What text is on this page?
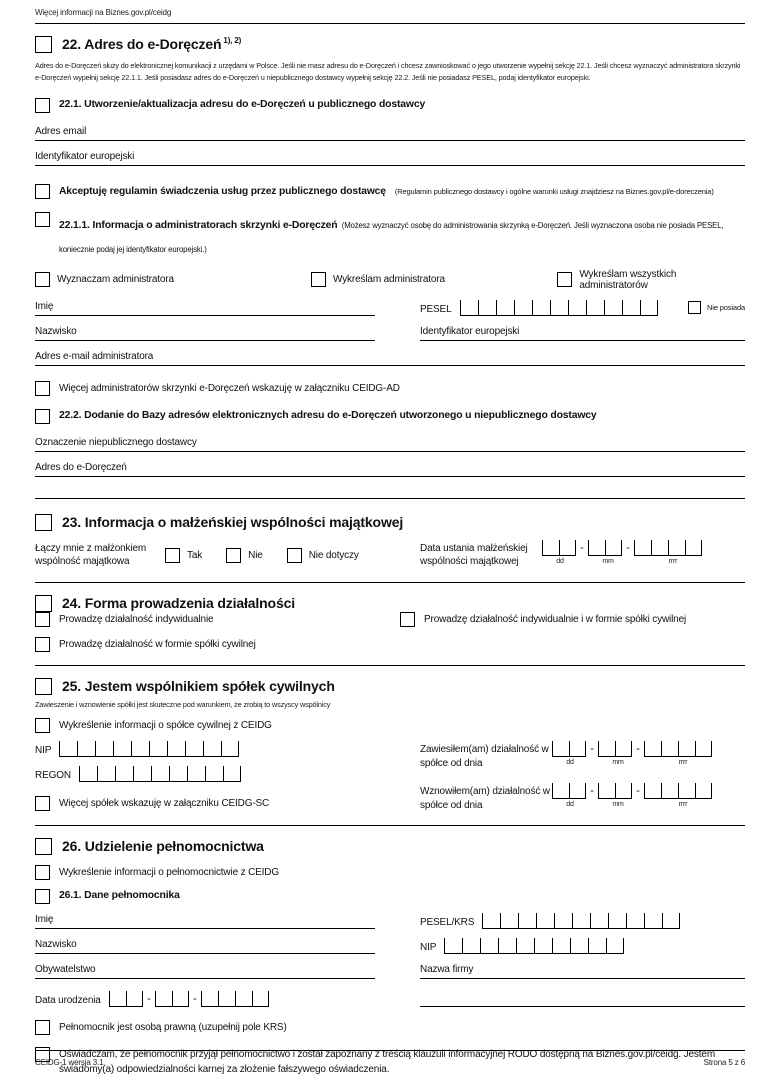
Więcej informacji na Biznes.gov.pl/ceidg
22. Adres do e-Doręczeń $^{1), 2)}$

Adres do e-Doręczeń służy do elektronicznej komunikacji z urzędami w Polsce. Jeśli nie masz adresu do e-Doręczeń i chcesz zawnioskować o jego utworzenie wypełnij sekcję 22.1. Jeśli chcesz wyznaczyć administratora skrzynki e-Doręczeń wypełnij sekcję 22.1.1. Jeśli posiadasz adres do e-Doręczeń u niepublicznego dostawcy wypełnij sekcję 22.2. Jeśli nie posiadasz PESEL, podaj identyfikator europejski.

22.1. Utworzenie/aktualizacja adresu do e-Doręczeń u publicznego dostawcy
Adres email
Identyfikator europejski
Akceptuję regulamin świadczenia usług przez publicznego dostawcę (Regulamin publicznego dostawcy i ogólne warunki usługi znajdziesz na Biznes.gov.pl/e-doreczenia)
22.1.1. Informacja o administratorach skrzynki e-Doręczeń (Możesz wyznaczyć osobę do administrowania skrzynką e-Doręczeń. Jeśli wyznaczona osoba nie posiada PESEL, koniecznie podaj jej identyfikator europejski.)
Wyznaczam administratora	Wykreślam administratora	Wykreślam wszystkich administratorów
Imię	PESEL	Nie posiada
Nazwisko	Identyfikator europejski
Adres e-mail administratora
Więcej administratorów skrzynki e-Doręczeń wskazuję w załączniku CEIDG-AD
22.2. Dodanie do Bazy adresów elektronicznych adresu do e-Doręczeń utworzonego u niepublicznego dostawcy
Oznaczenie niepublicznego dostawcy
Adres do e-Doręczeń
23. Informacja o małżeńskiej wspólności majątkowej
Łączy mnie z małżonkiem wspólność majątkowa
Tak	Nie	Nie dotyczy
Data ustania małżeńskiej wspólności majątkowej
-	-
dd	mm	rrrr
24. Forma prowadzenia działalności
Prowadzę działalność indywidualnie	Prowadzę działalność indywidualnie i w formie spółki cywilnej
Prowadzę działalność w formie spółki cywilnej
25. Jestem wspólnikiem spółek cywilnych
Zawieszenie i wznowienie spółki jest skuteczne pod warunkiem, że zrobią to wszyscy wspólnicy
Wykreślenie informacji o spółce cywilnej z CEIDG
NIP
REGON
Więcej spółek wskazuję w załączniku CEIDG-SC
Zawiesiłem(am) działalność w spółce od dnia
-	-
dd	mm	rrrr
Wznowiłem(am) działalność w spółce od dnia
-	-
dd	mm	rrrr
26. Udzielenie pełnomocnictwa
Wykreślenie informacji o pełnomocnictwie z CEIDG
26.1. Dane pełnomocnika
Imię	PESEL/KRS
Nazwisko	NIP
Obywatelstwo	Nazwa firmy
Data urodzenia	-	-
Pełnomocnik jest osobą prawną (uzupełnij pole KRS)
Oświadczam, że pełnomocnik przyjął pełnomocnictwo i został zapoznany z treścią klauzuli informacyjnej RODO dostępną na Biznes.gov.pl/ceidg. Jestem świadomy(a) odpowiedzialności karnej za złożenie fałszywego oświadczenia.
CEIDG-1 wersja 3.1	Strona 5 z 6
